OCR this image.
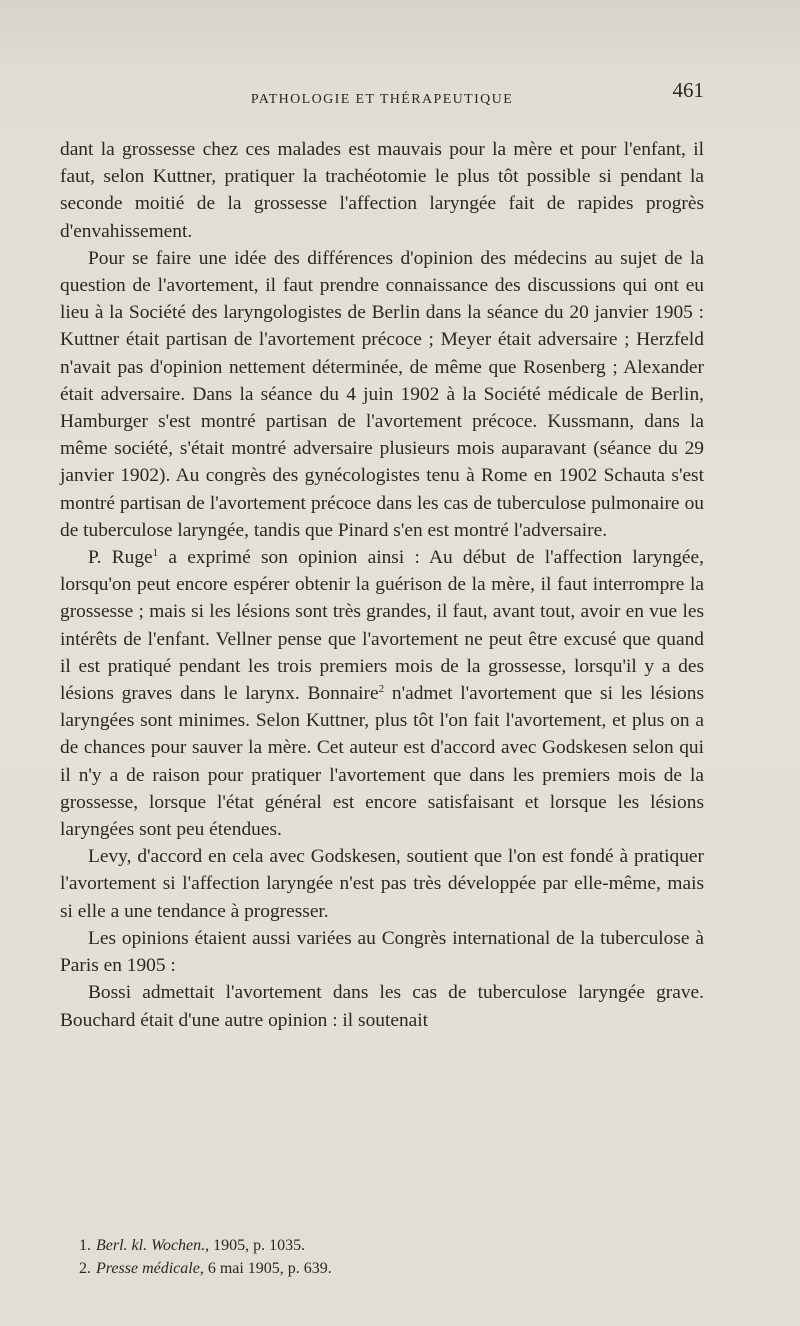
PATHOLOGIE ET THÉRAPEUTIQUE	461

dant la grossesse chez ces malades est mauvais pour la mère et pour l'enfant, il faut, selon Kuttner, pratiquer la trachéotomie le plus tôt possible si pendant la seconde moitié de la grossesse l'affection laryngée fait de rapides progrès d'envahissement.

Pour se faire une idée des différences d'opinion des médecins au sujet de la question de l'avortement, il faut prendre connaissance des discussions qui ont eu lieu à la Société des laryngologistes de Berlin dans la séance du 20 janvier 1905 : Kuttner était partisan de l'avortement précoce ; Meyer était adversaire ; Herzfeld n'avait pas d'opinion nettement déterminée, de même que Rosenberg ; Alexander était adversaire. Dans la séance du 4 juin 1902 à la Société médicale de Berlin, Hamburger s'est montré partisan de l'avortement précoce. Kussmann, dans la même société, s'était montré adversaire plusieurs mois auparavant (séance du 29 janvier 1902). Au congrès des gynécologistes tenu à Rome en 1902 Schauta s'est montré partisan de l'avortement précoce dans les cas de tuberculose pulmonaire ou de tuberculose laryngée, tandis que Pinard s'en est montré l'adversaire.

P. Ruge$^1$ a exprimé son opinion ainsi : Au début de l'affection laryngée, lorsqu'on peut encore espérer obtenir la guérison de la mère, il faut interrompre la grossesse ; mais si les lésions sont très grandes, il faut, avant tout, avoir en vue les intérêts de l'enfant. Vellner pense que l'avortement ne peut être excusé que quand il est pratiqué pendant les trois premiers mois de la grossesse, lorsqu'il y a des lésions graves dans le larynx. Bonnaire$^2$ n'admet l'avortement que si les lésions laryngées sont minimes. Selon Kuttner, plus tôt l'on fait l'avortement, et plus on a de chances pour sauver la mère. Cet auteur est d'accord avec Godskesen selon qui il n'y a de raison pour pratiquer l'avortement que dans les premiers mois de la grossesse, lorsque l'état général est encore satisfaisant et lorsque les lésions laryngées sont peu étendues.

Levy, d'accord en cela avec Godskesen, soutient que l'on est fondé à pratiquer l'avortement si l'affection laryngée n'est pas très développée par elle-même, mais si elle a une tendance à progresser.

Les opinions étaient aussi variées au Congrès international de la tuberculose à Paris en 1905 :

Bossi admettait l'avortement dans les cas de tuberculose laryngée grave. Bouchard était d'une autre opinion : il soutenait

1. Berl. kl. Wochen., 1905, p. 1035.
2. Presse médicale, 6 mai 1905, p. 639.
